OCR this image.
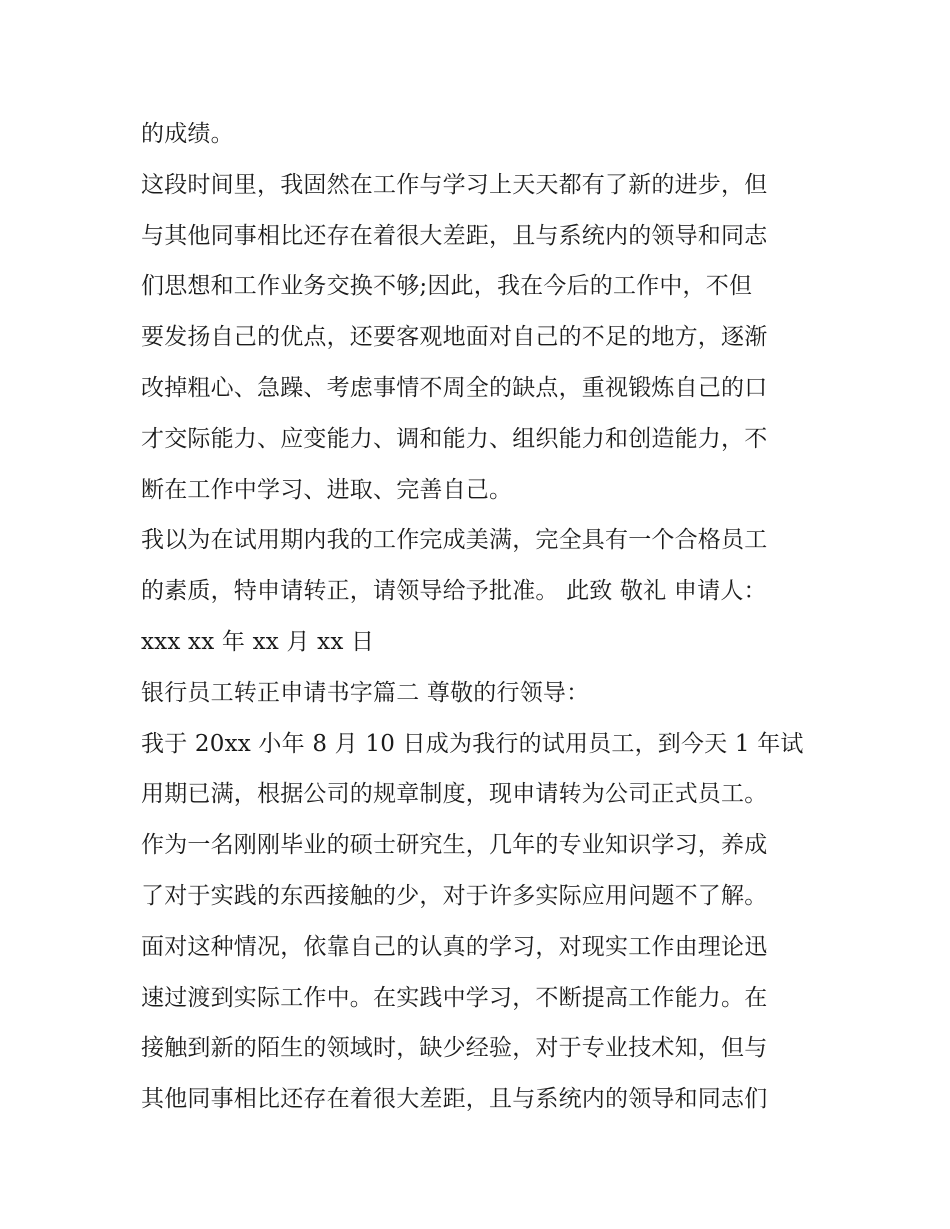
的成绩。
这段时间里，我固然在工作与学习上天天都有了新的进步，但
与其他同事相比还存在着很大差距，且与系统内的领导和同志
们思想和工作业务交换不够;因此，我在今后的工作中，不但
要发扬自己的优点，还要客观地面对自己的不足的地方，逐渐
改掉粗心、急躁、考虑事情不周全的缺点，重视锻炼自己的口
才交际能力、应变能力、调和能力、组织能力和创造能力，不
断在工作中学习、进取、完善自己。
我以为在试用期内我的工作完成美满，完全具有一个合格员工
的素质，特申请转正，请领导给予批准。 此致 敬礼 申请人：
xxx xx 年 xx 月 xx 日
银行员工转正申请书字篇二 尊敬的行领导：
我于 20xx 小年 8 月 10 日成为我行的试用员工，到今天 1 年试
用期已满，根据公司的规章制度，现申请转为公司正式员工。
作为一名刚刚毕业的硕士研究生，几年的专业知识学习，养成
了对于实践的东西接触的少，对于许多实际应用问题不了解。
面对这种情况，依靠自己的认真的学习，对现实工作由理论迅
速过渡到实际工作中。在实践中学习，不断提高工作能力。在
接触到新的陌生的领域时，缺少经验，对于专业技术知，但与
其他同事相比还存在着很大差距，且与系统内的领导和同志们
